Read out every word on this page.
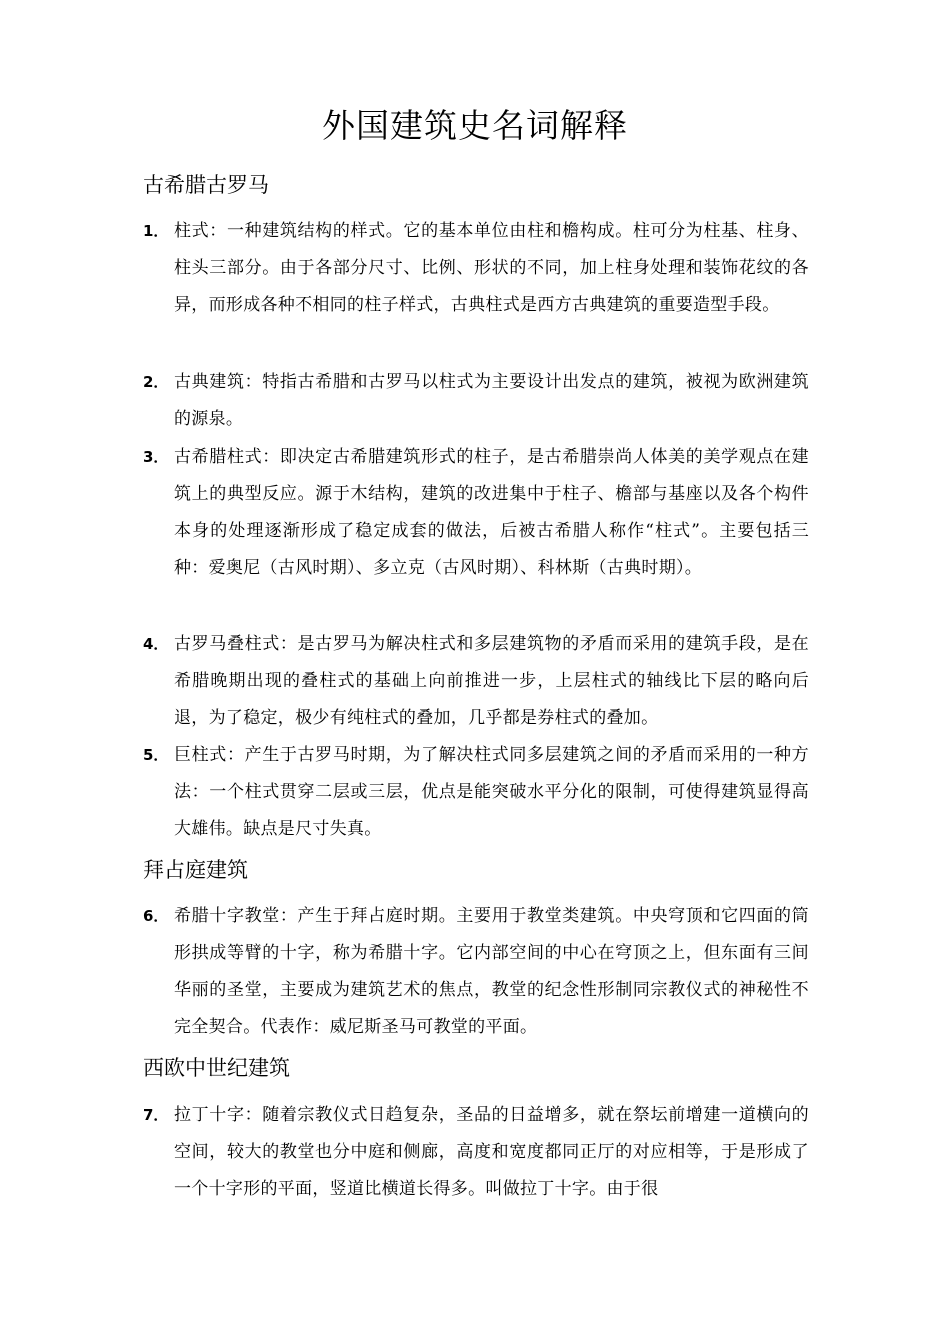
外国建筑史名词解释
古希腊古罗马
1． 柱式：一种建筑结构的样式。它的基本单位由柱和檐构成。柱可分为柱基、柱身、柱头三部分。由于各部分尺寸、比例、形状的不同，加上柱身处理和装饰花纹的各异，而形成各种不相同的柱子样式，古典柱式是西方古典建筑的重要造型手段。
2． 古典建筑：特指古希腊和古罗马以柱式为主要设计出发点的建筑，被视为欧洲建筑的源泉。
3． 古希腊柱式：即决定古希腊建筑形式的柱子，是古希腊崇尚人体美的美学观点在建筑上的典型反应。源于木结构，建筑的改进集中于柱子、檐部与基座以及各个构件本身的处理逐渐形成了稳定成套的做法，后被古希腊人称作“柱式”。主要包括三种：爱奥尼（古风时期）、多立克（古风时期）、科林斯（古典时期）。
4． 古罗马叠柱式：是古罗马为解决柱式和多层建筑物的矛盾而采用的建筑手段，是在希腊晚期出现的叠柱式的基础上向前推进一步，上层柱式的轴线比下层的略向后退，为了稳定，极少有纯柱式的叠加，几乎都是券柱式的叠加。
5． 巨柱式：产生于古罗马时期，为了解决柱式同多层建筑之间的矛盾而采用的一种方法：一个柱式贯穿二层或三层，优点是能突破水平分化的限制，可使得建筑显得高大雄伟。缺点是尺寸失真。
拜占庭建筑
6． 希腊十字教堂：产生于拜占庭时期。主要用于教堂类建筑。中央穹顶和它四面的筒形拱成等臂的十字，称为希腊十字。它内部空间的中心在穹顶之上，但东面有三间华丽的圣堂，主要成为建筑艺术的焦点，教堂的纪念性形制同宗教仪式的神秘性不完全契合。代表作：威尼斯圣马可教堂的平面。
西欧中世纪建筑
7． 拉丁十字：随着宗教仪式日趋复杂，圣品的日益增多，就在祭坛前增建一道横向的空间，较大的教堂也分中庭和侧廊，高度和宽度都同正厅的对应相等，于是形成了一个十字形的平面，竖道比横道长得多。叫做拉丁十字。由于很
